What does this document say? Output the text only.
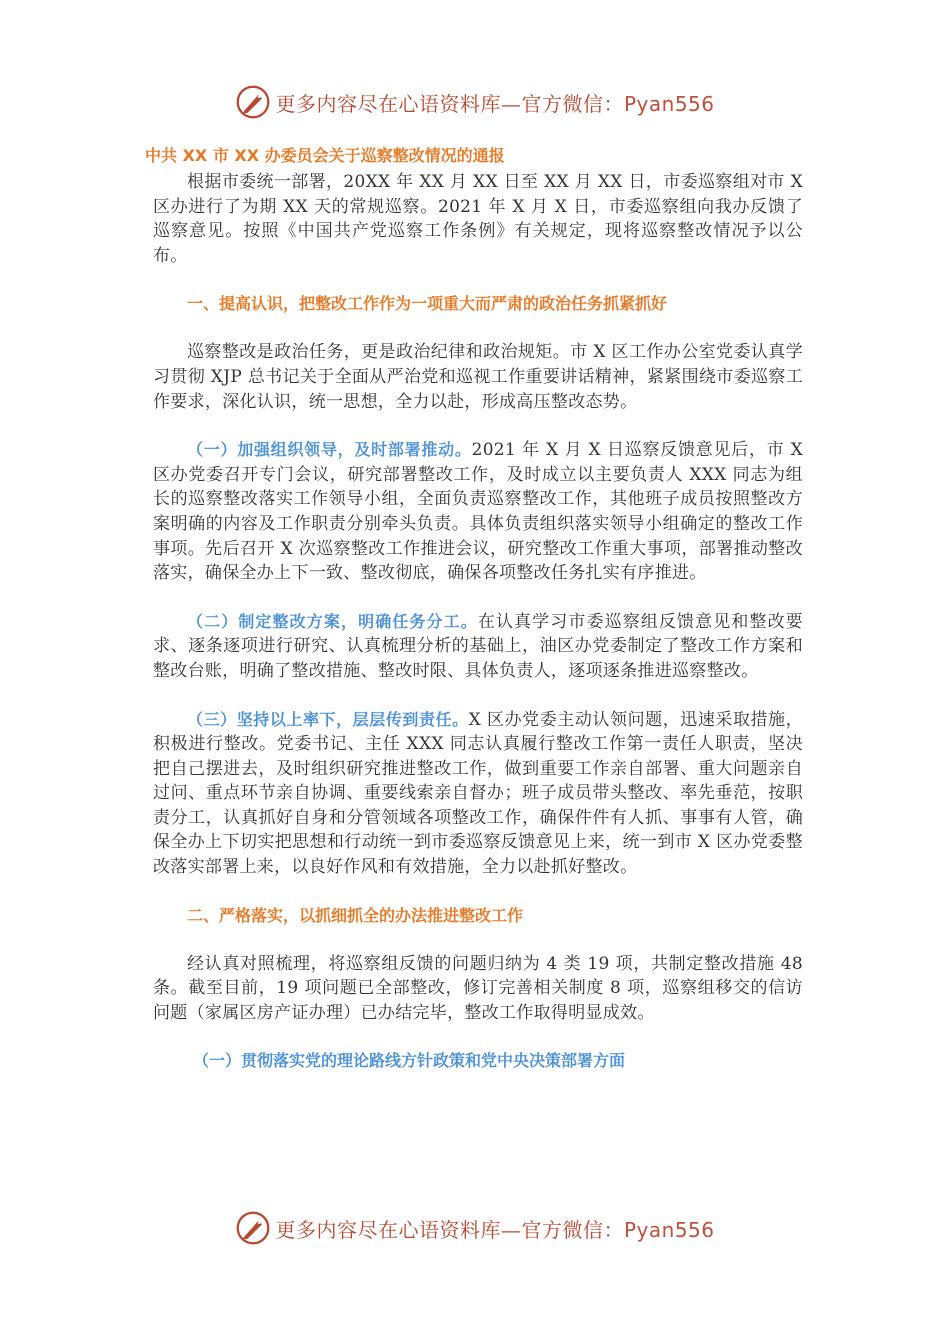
更多内容尽在心语资料库—官方微信：Pyan556
中共 XX 市 XX 办委员会关于巡察整改情况的通报

根据市委统一部署，20XX 年 XX 月 XX 日至 XX 月 XX 日，市委巡察组对市 X 区办进行了为期 XX 天的常规巡察。2021 年 X 月 X 日，市委巡察组向我办反馈了巡察意见。按照《中国共产党巡察工作条例》有关规定，现将巡察整改情况予以公布。

一、提高认识，把整改工作作为一项重大而严肃的政治任务抓紧抓好

巡察整改是政治任务，更是政治纪律和政治规矩。市 X 区工作办公室党委认真学习贯彻 XJP 总书记关于全面从严治党和巡视工作重要讲话精神，紧紧围绕市委巡察工作要求，深化认识，统一思想，全力以赴，形成高压整改态势。

（一）加强组织领导，及时部署推动。2021 年 X 月 X 日巡察反馈意见后，市 X 区办党委召开专门会议，研究部署整改工作，及时成立以主要负责人 XXX 同志为组长的巡察整改落实工作领导小组，全面负责巡察整改工作，其他班子成员按照整改方案明确的内容及工作职责分别牵头负责。具体负责组织落实领导小组确定的整改工作事项。先后召开 X 次巡察整改工作推进会议，研究整改工作重大事项，部署推动整改落实，确保全办上下一致、整改彻底，确保各项整改任务扎实有序推进。

（二）制定整改方案，明确任务分工。在认真学习市委巡察组反馈意见和整改要求、逐条逐项进行研究、认真梳理分析的基础上，油区办党委制定了整改工作方案和整改台账，明确了整改措施、整改时限、具体负责人，逐项逐条推进巡察整改。

（三）坚持以上率下，层层传到责任。X 区办党委主动认领问题，迅速采取措施，积极进行整改。党委书记、主任 XXX 同志认真履行整改工作第一责任人职责，坚决把自己摆进去，及时组织研究推进整改工作，做到重要工作亲自部署、重大问题亲自过问、重点环节亲自协调、重要线索亲自督办；班子成员带头整改、率先垂范，按职责分工，认真抓好自身和分管领域各项整改工作，确保件件有人抓、事事有人管，确保全办上下切实把思想和行动统一到市委巡察反馈意见上来，统一到市 X 区办党委整改落实部署上来，以良好作风和有效措施，全力以赴抓好整改。

二、严格落实，以抓细抓全的办法推进整改工作

经认真对照梳理，将巡察组反馈的问题归纳为 4 类 19 项，共制定整改措施 48 条。截至目前，19 项问题已全部整改，修订完善相关制度 8 项，巡察组移交的信访问题（家属区房产证办理）已办结完毕，整改工作取得明显成效。

（一）贯彻落实党的理论路线方针政策和党中央决策部署方面
更多内容尽在心语资料库—官方微信：Pyan556
